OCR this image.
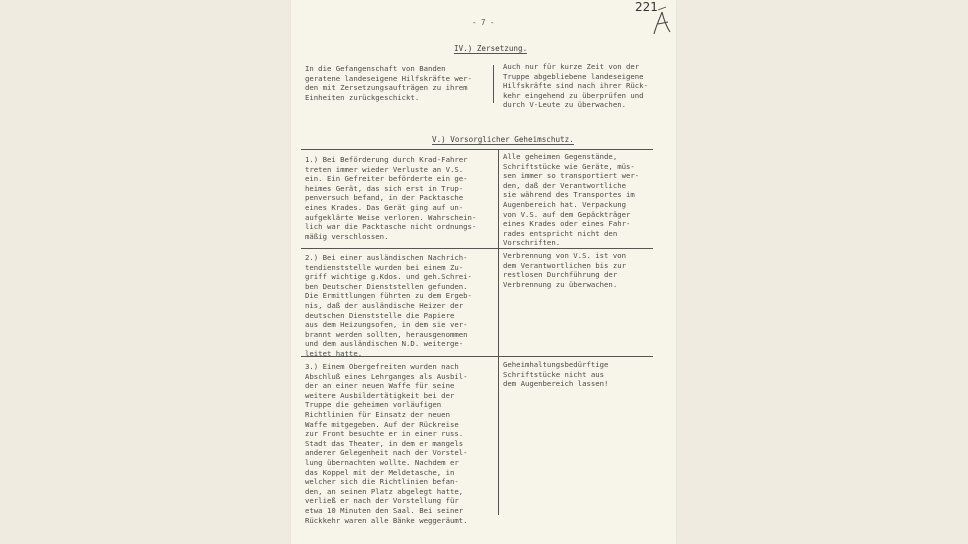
221
- 7 -
IV.) Zersetzung.
In die Gefangenschaft von Banden
geratene landeseigene Hilfskräfte wer-
den mit Zersetzungsaufträgen zu ihrem
Einheiten zurückgeschickt.
Auch nur für kurze Zeit von der
Truppe abgebliebene landeseigene
Hilfskräfte sind nach ihrer Rück-
kehr eingehend zu überprüfen und
durch V-Leute zu überwachen.
V.) Vorsorglicher Geheimschutz.
1.) Bei Beförderung durch Krad-Fahrer
treten immer wieder Verluste an V.S.
ein. Ein Gefreiter beförderte ein ge-
heimes Gerät, das sich erst in Trup-
penversuch befand, in der Packtasche
eines Krades. Das Gerät ging auf un-
aufgeklärte Weise verloren. Wahrschein-
lich war die Packtasche nicht ordnungs-
mäßig verschlossen.
Alle geheimen Gegenstände,
Schriftstücke wie Geräte, müs-
sen immer so transportiert wer-
den, daß der Verantwortliche
sie während des Transportes im
Augenbereich hat. Verpackung
von V.S. auf dem Gepäckträger
eines Krades oder eines Fahr-
rades entspricht nicht den
Vorschriften.
2.) Bei einer ausländischen Nachrich-
tendienststelle wurden bei einem Zu-
griff wichtige g.Kdos. und geh.Schrei-
ben Deutscher Dienststellen gefunden.
Die Ermittlungen führten zu dem Ergeb-
nis, daß der ausländische Heizer der
deutschen Dienststelle die Papiere
aus dem Heizungsofen, in dem sie ver-
brannt werden sollten, herausgenommen
und dem ausländischen N.D. weiterge-
leitet hatte.
Verbrennung von V.S. ist von
dem Verantwortlichen bis zur
restlosen Durchführung der
Verbrennung zu überwachen.
3.) Einem Obergefreiten wurden nach
Abschluß eines Lehrganges als Ausbil-
der an einer neuen Waffe für seine
weitere Ausbildertätigkeit bei der
Truppe die geheimen vorläufigen
Richtlinien für Einsatz der neuen
Waffe mitgegeben. Auf der Rückreise
zur Front besuchte er in einer russ.
Stadt das Theater, in dem er mangels
anderer Gelegenheit nach der Vorstel-
lung übernachten wollte. Nachdem er
das Koppel mit der Meldetasche, in
welcher sich die Richtlinien befan-
den, an seinen Platz abgelegt hatte,
verließ er nach der Vorstellung für
etwa 10 Minuten den Saal. Bei seiner
Rückkehr waren alle Bänke weggeräumt.
Geheimhaltungsbedürftige
Schriftstücke nicht aus
dem Augenbereich lassen!
